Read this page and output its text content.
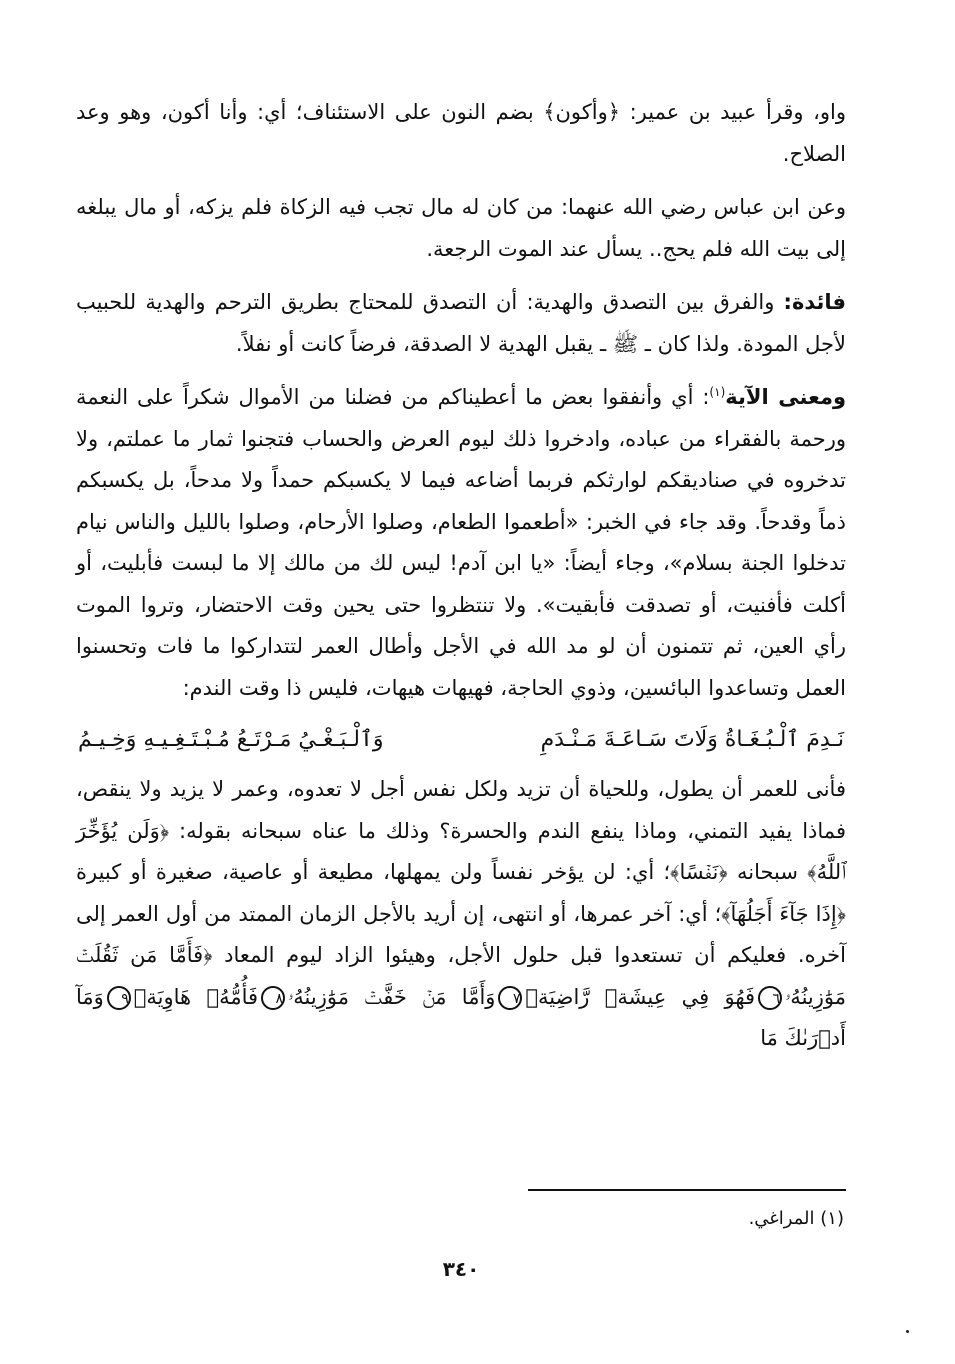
واو، وقرأ عبيد بن عمير: ﴿وأكون﴾ بضم النون على الاستئناف؛ أي: وأنا أكون، وهو وعد الصلاح.

وعن ابن عباس رضي الله عنهما: من كان له مال تجب فيه الزكاة فلم يزكه، أو مال يبلغه إلى بيت الله فلم يحج.. يسأل عند الموت الرجعة.

فائدة: والفرق بين التصدق والهدية: أن التصدق للمحتاج بطريق الترحم والهدية للحبيب لأجل المودة. ولذا كان ـ ﷺ ـ يقبل الهدية لا الصدقة، فرضاً كانت أو نفلاً.

ومعنى الآية$^{(١)}$: أي وأنفقوا بعض ما أعطيناكم من فضلنا من الأموال شكراً على النعمة ورحمة بالفقراء من عباده، وادخروا ذلك ليوم العرض والحساب فتجنوا ثمار ما عملتم، ولا تدخروه في صناديقكم لوارثكم فربما أضاعه فيما لا يكسبكم حمداً ولا مدحاً، بل يكسبكم ذماً وقدحاً. وقد جاء في الخبر: «أطعموا الطعام، وصلوا الأرحام، وصلوا بالليل والناس نيام تدخلوا الجنة بسلام»، وجاء أيضاً: «يا ابن آدم! ليس لك من مالك إلا ما لبست فأبليت، أو أكلت فأفنيت، أو تصدقت فأبقيت». ولا تنتظروا حتى يحين وقت الاحتضار، وتروا الموت رأي العين، ثم تتمنون أن لو مد الله في الأجل وأطال العمر لتتداركوا ما فات وتحسنوا العمل وتساعدوا البائسين، وذوي الحاجة، فهيهات هيهات، فليس ذا وقت الندم:

نَـدِمَ ٱلْـبُـغَـاةُ وَلَاتَ سَـاعَـةَ مَـنْـدَمِ
وَٱلْـبَـغْـيُ مَـرْتَـعُ مُـبْـتَـغِـيـهِ وَخِـيـمُ

فأنى للعمر أن يطول، وللحياة أن تزيد ولكل نفس أجل لا تعدوه، وعمر لا يزيد ولا ينقص، فماذا يفيد التمني، وماذا ينفع الندم والحسرة؟ وذلك ما عناه سبحانه بقوله: ﴿وَلَن يُؤَخِّرَ ٱللَّهُ﴾ سبحانه ﴿نَفۡسًا﴾؛ أي: لن يؤخر نفساً ولن يمهلها، مطيعة أو عاصية، صغيرة أو كبيرة ﴿إِذَا جَآءَ أَجَلُهَآ﴾؛ أي: آخر عمرها، أو انتهى، إن أريد بالأجل الزمان الممتد من أول العمر إلى آخره. فعليكم أن تستعدوا قبل حلول الأجل، وهيئوا الزاد ليوم المعاد ﴿فَأَمَّا مَن ثَقُلَتۡ مَوَٰزِينُهُۥ٦فَهُوَ فِي عِيشَةٖ رَّاضِيَةٖ٧وَأَمَّا مَنۡ خَفَّتۡ مَوَٰزِينُهُۥ٨فَأُمُّهُۥ هَاوِيَةٞ٩وَمَآ أَدۡرَىٰكَ مَا

(١) المراغي.
٣٤٠
